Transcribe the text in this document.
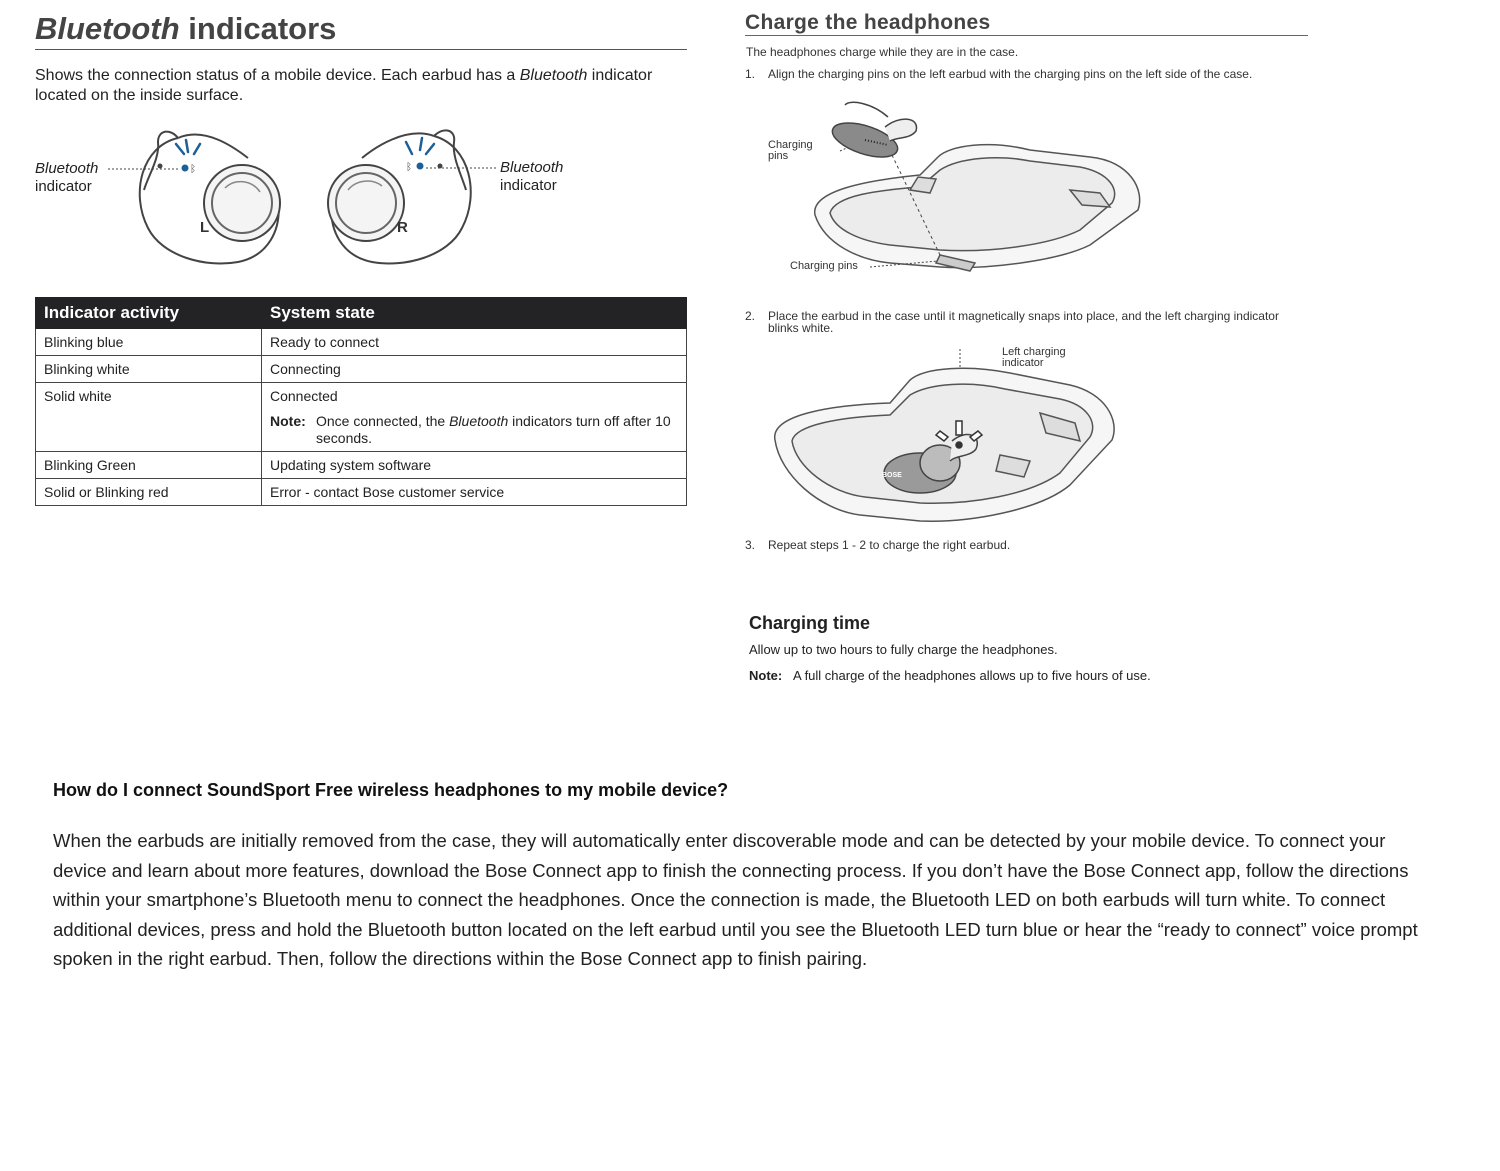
Bluetooth indicators

Shows the connection status of a mobile device. Each earbud has a Bluetooth indicator located on the inside surface.

Bluetooth
indicator
Bluetooth
indicator
ᛒ
L
ᛒ
R
Indicator activity	System state
Blinking blue	Ready to connect
Blinking white	Connecting
Solid white	Connected
Note: Once connected, the Bluetooth indicators turn off after 10 seconds.

Blinking Green	Updating system software
Solid or Blinking red	Error - contact Bose customer service
Charge the headphones
The headphones charge while they are in the case.
1. Align the charging pins on the left earbud with the charging pins on the left side of the case.
Charging pins
Charging pins
2. Place the earbud in the case until it magnetically snaps into place, and the left charging indicator blinks white.
Left charging indicator
BOSE
3. Repeat steps 1 - 2 to charge the right earbud.
Charging time
Allow up to two hours to fully charge the headphones.
Note: A full charge of the headphones allows up to five hours of use.
How do I connect SoundSport Free wireless headphones to my mobile device?

When the earbuds are initially removed from the case, they will automatically enter discoverable mode and can be detected by your mobile device. To connect your device and learn about more features, download the Bose Connect app to finish the connecting process. If you don’t have the Bose Connect app, follow the directions within your smartphone’s Bluetooth menu to connect the headphones. Once the connection is made, the Bluetooth LED on both earbuds will turn white. To connect additional devices, press and hold the Bluetooth button located on the left earbud until you see the Bluetooth LED turn blue or hear the “ready to connect” voice prompt spoken in the right earbud. Then, follow the directions within the Bose Connect app to finish pairing.
